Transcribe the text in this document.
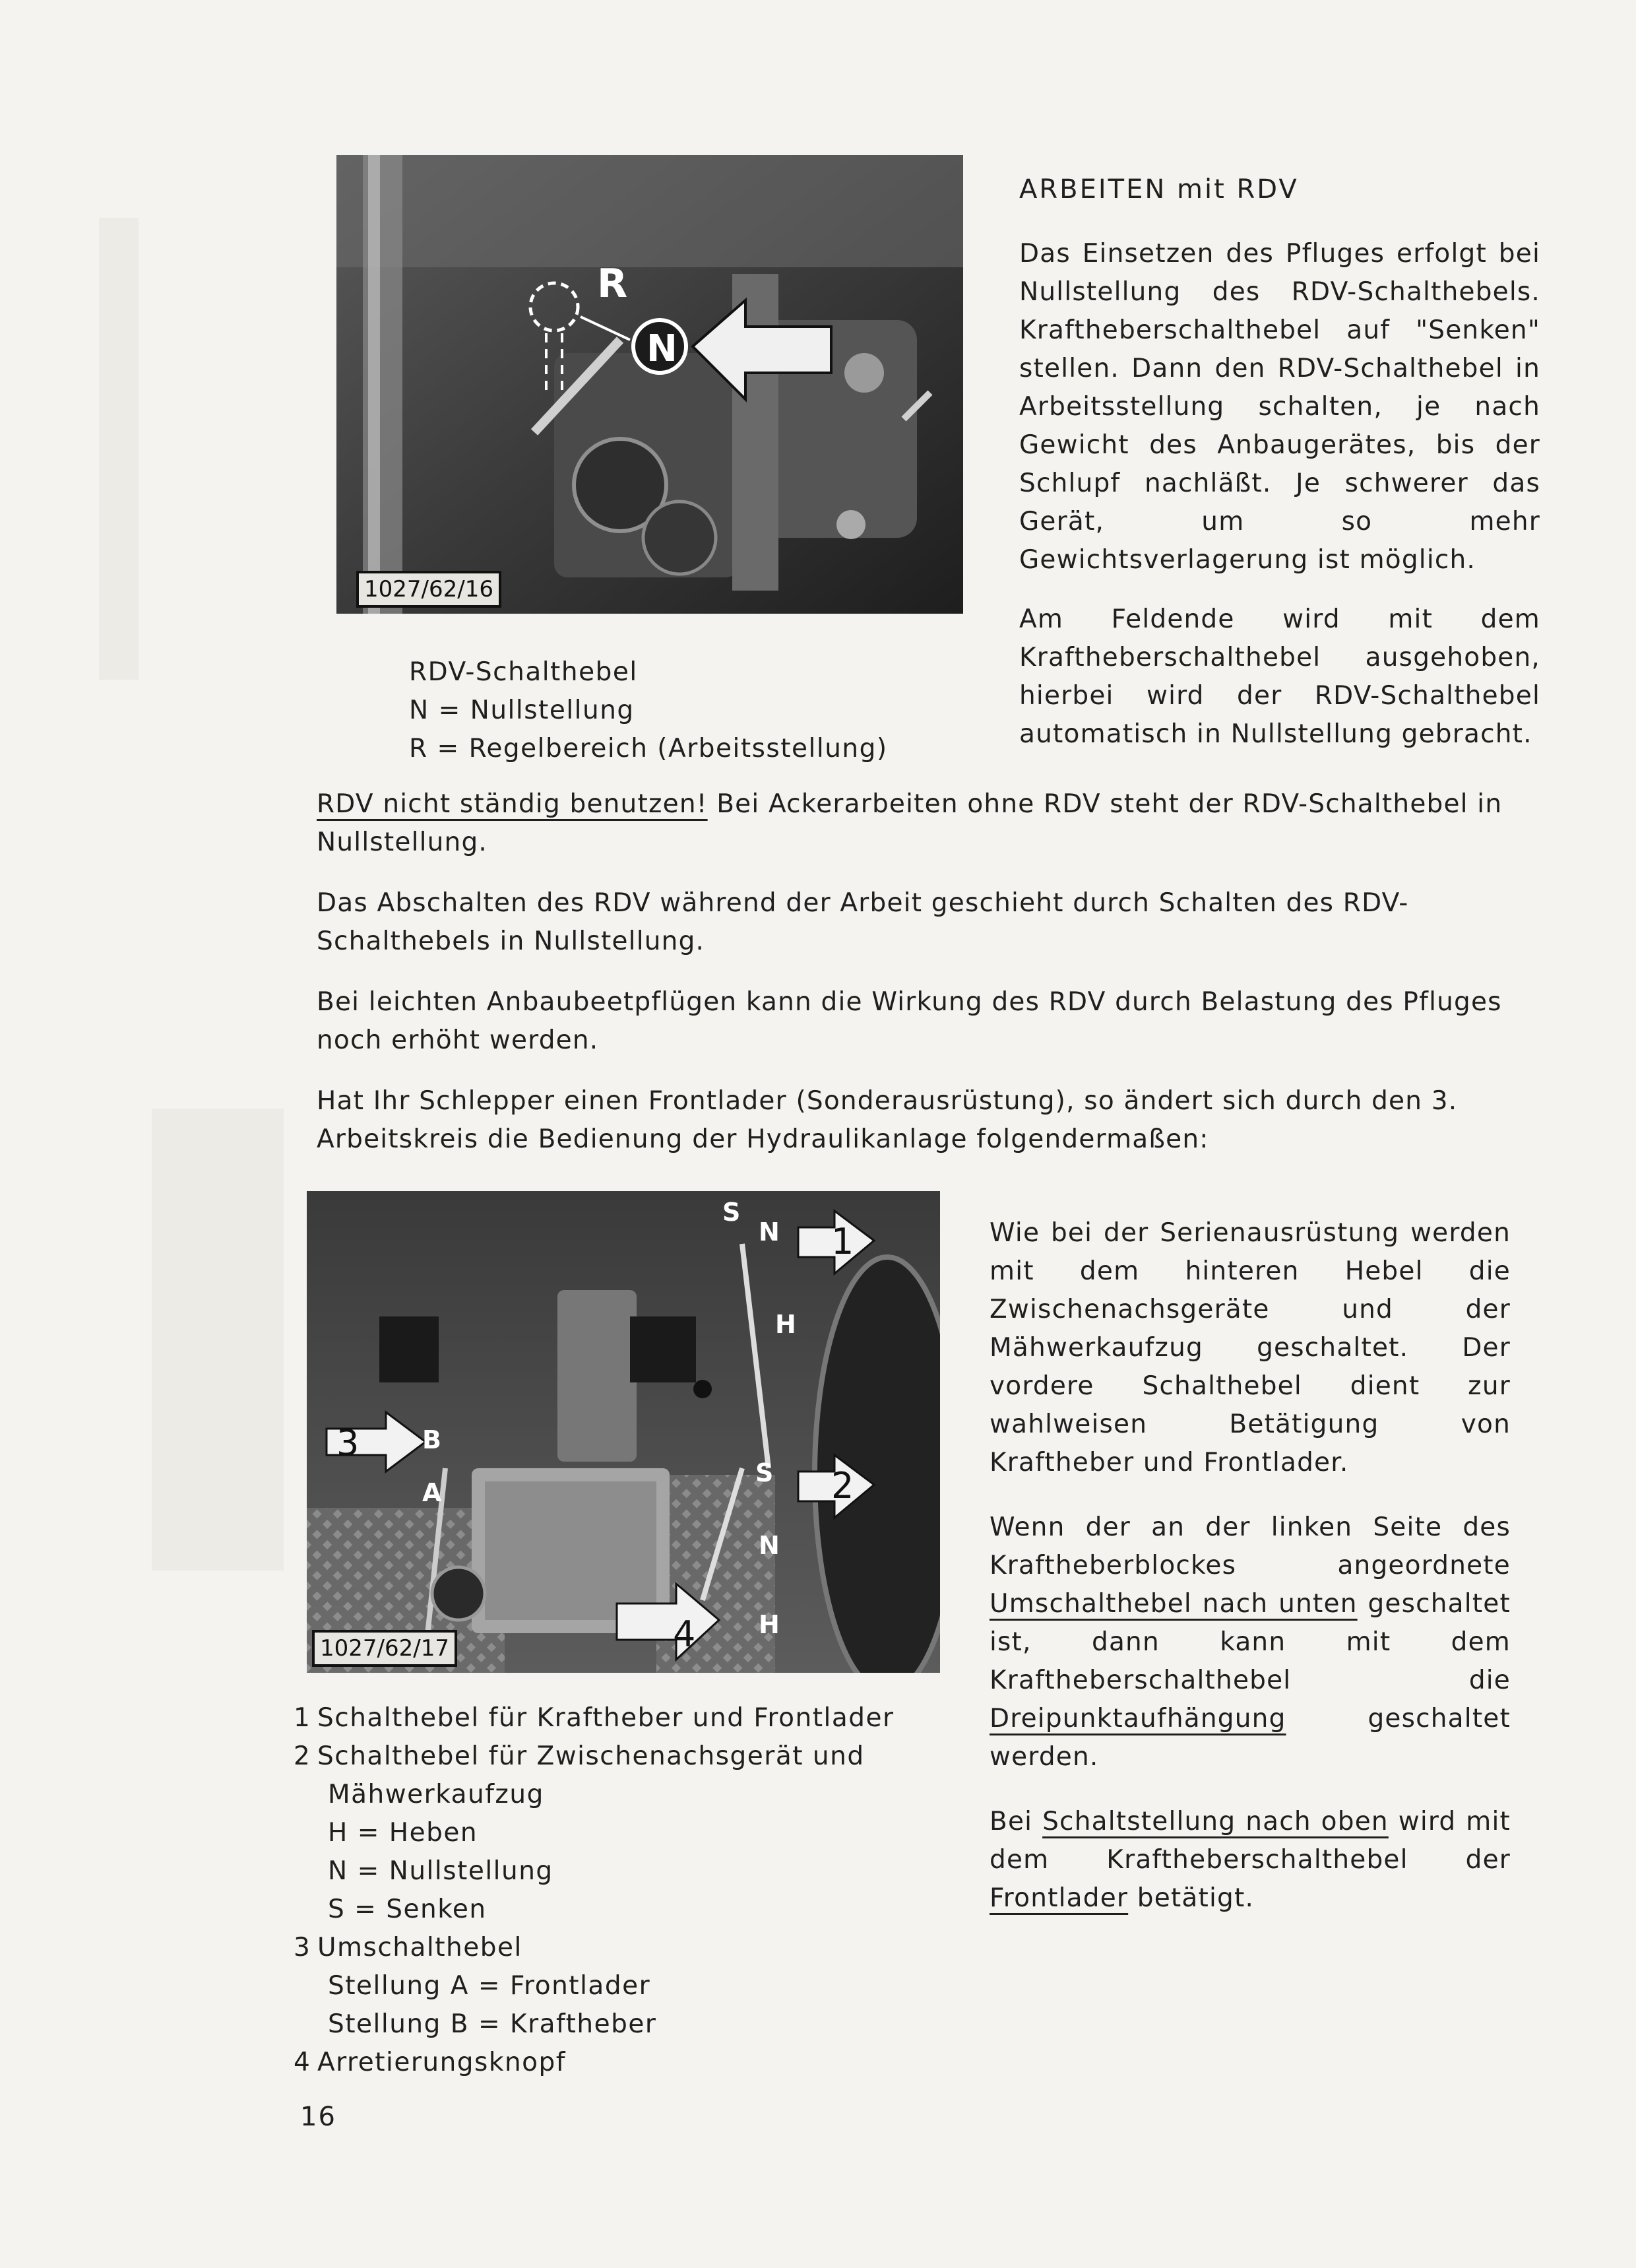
R
N
1027/62/16

ARBEITEN mit RDV

Das Einsetzen des Pfluges erfolgt bei Nullstellung des RDV-Schalthebels. Kraftheberschalthebel auf "Senken" stellen. Dann den RDV-Schalthebel in Arbeitsstellung schalten, je nach Gewicht des Anbaugerätes, bis der Schlupf nachläßt. Je schwerer das Gerät, um so mehr Gewichtsverlagerung ist möglich.

Am Feldende wird mit dem Kraftheberschalthebel ausgehoben, hierbei wird der RDV-Schalthebel automatisch in Nullstellung gebracht.

RDV-Schalthebel
N = Nullstellung
R = Regelbereich (Arbeitsstellung)

RDV nicht ständig benutzen! Bei Ackerarbeiten ohne RDV steht der RDV-Schalthebel in Nullstellung.

Das Abschalten des RDV während der Arbeit geschieht durch Schalten des RDV-Schalthebels in Nullstellung.

Bei leichten Anbaubeetpflügen kann die Wirkung des RDV durch Belastung des Pfluges noch erhöht werden.

Hat Ihr Schlepper einen Frontlader (Sonderausrüstung), so ändert sich durch den 3. Arbeitskreis die Bedienung der Hydraulikanlage folgendermaßen:

1
2
3
4
S
N
H
B
A
S
N
H
1027/62/17

Wie bei der Serienausrüstung werden mit dem hinteren Hebel die Zwischenachsgeräte und der Mähwerkaufzug geschaltet. Der vordere Schalthebel dient zur wahlweisen Betätigung von Kraftheber und Frontlader.

Wenn der an der linken Seite des Kraftheberblockes angeordnete Umschalthebel nach unten geschaltet ist, dann kann mit dem Kraftheberschalthebel die Dreipunktaufhängung geschaltet werden.

Bei Schaltstellung nach oben wird mit dem Kraftheberschalthebel der Frontlader betätigt.

1 Schalthebel für Kraftheber und Frontlader
2 Schalthebel für Zwischenachsgerät und
Mähwerkaufzug
H = Heben
N = Nullstellung
S = Senken
3 Umschalthebel
Stellung A = Frontlader
Stellung B = Kraftheber
4 Arretierungsknopf
16
